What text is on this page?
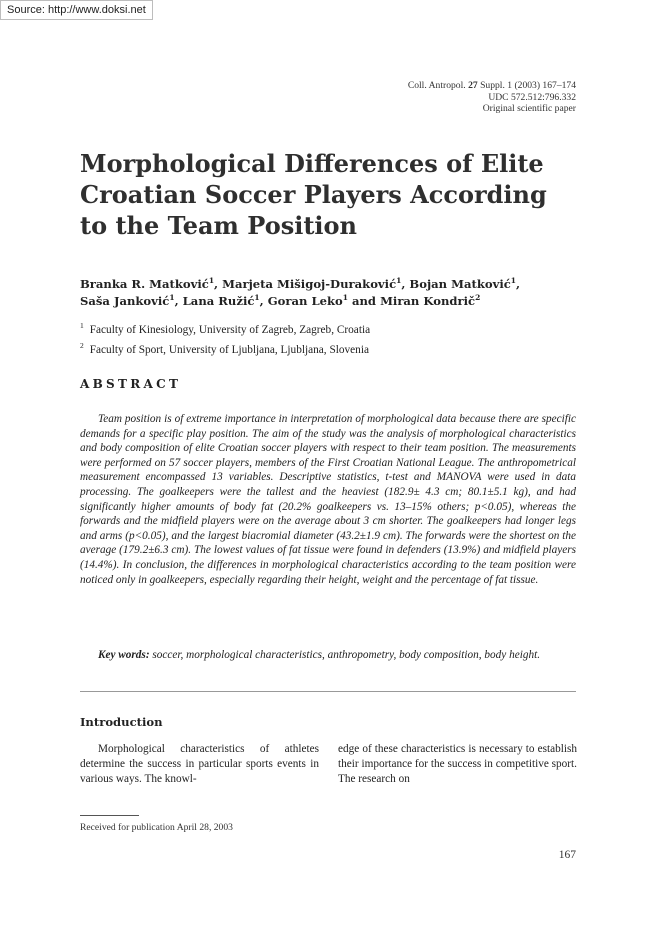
Source: http://www.doksi.net
Coll. Antropol. 27 Suppl. 1 (2003) 167–174
UDC 572.512:796.332
Original scientific paper
Morphological Differences of Elite Croatian Soccer Players According to the Team Position

Branka R. Matković$^1$, Marjeta Mišigoj-Duraković$^1$, Bojan Matković$^1$,
Saša Janković$^1$, Lana Ružić$^1$, Goran Leko$^1$ and Miran Kondrič$^2$

$^1$ Faculty of Kinesiology, University of Zagreb, Zagreb, Croatia
$^2$ Faculty of Sport, University of Ljubljana, Ljubljana, Slovenia
ABSTRACT

Team position is of extreme importance in interpretation of morphological data because there are specific demands for a specific play position. The aim of the study was the analysis of morphological characteristics and body composition of elite Croatian soccer players with respect to their team position. The measurements were performed on 57 soccer players, members of the First Croatian National League. The anthropometrical measurement encompassed 13 variables. Descriptive statistics, t-test and MANOVA were used in data processing. The goalkeepers were the tallest and the heaviest (182.9± 4.3 cm; 80.1±5.1 kg), and had significantly higher amounts of body fat (20.2% goalkeepers vs. 13–15% others; p<0.05), whereas the forwards and the midfield players were on the average about 3 cm shorter. The goalkeepers had longer legs and arms (p<0.05), and the largest biacromial diameter (43.2±1.9 cm). The forwards were the shortest on the average (179.2±6.3 cm). The lowest values of fat tissue were found in defenders (13.9%) and midfield players (14.4%). In conclusion, the differences in morphological characteristics according to the team position were noticed only in goalkeepers, especially regarding their height, weight and the percentage of fat tissue.

Key words: soccer, morphological characteristics, anthropometry, body composition, body height.

Introduction

Morphological characteristics of athletes determine the success in particular sports events in various ways. The knowl-

edge of these characteristics is necessary to establish their importance for the success in competitive sport. The research on

Received for publication April 28, 2003
167
